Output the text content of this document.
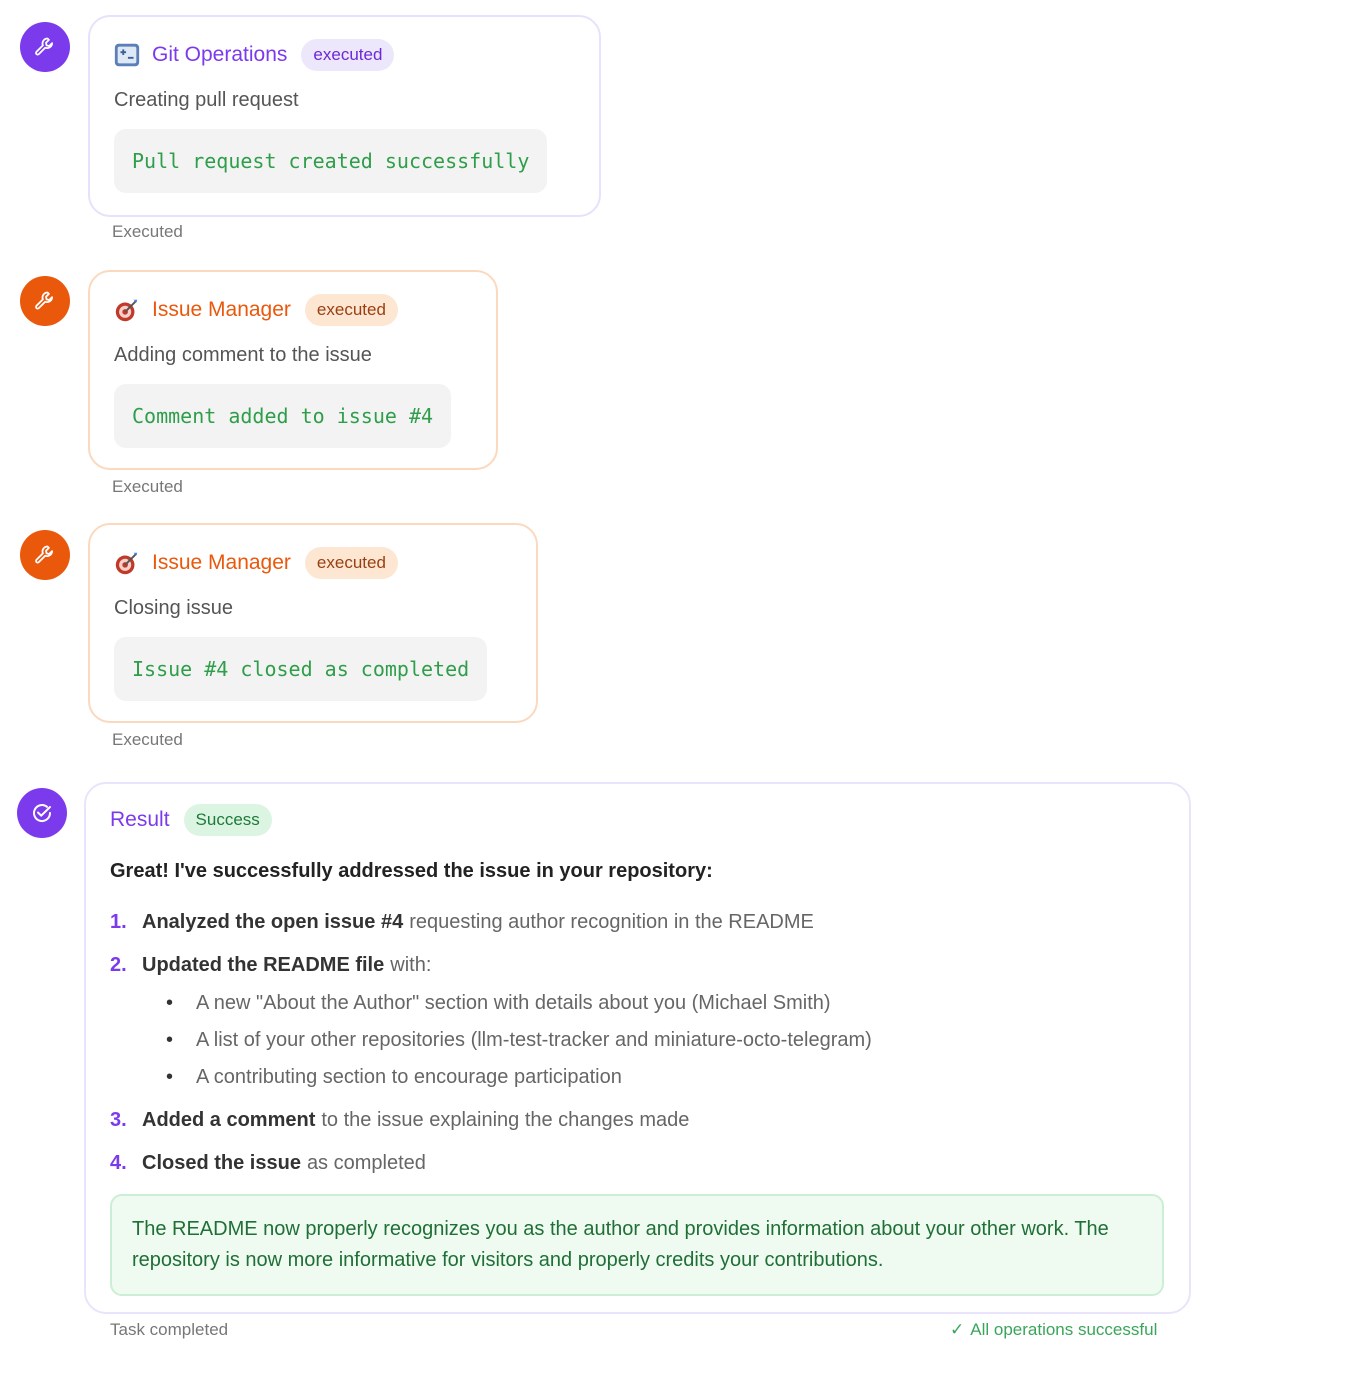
Git Operations	executed
Creating pull request
Pull request created successfully
Executed
Issue Manager	executed
Adding comment to the issue
Comment added to issue #4
Executed
Issue Manager	executed
Closing issue
Issue #4 closed as completed
Executed
Result	Success
Great! I've successfully addressed the issue in your repository:
1. Analyzed the open issue #4 requesting author recognition in the README
2. Updated the README file with:
•	A new "About the Author" section with details about you (Michael Smith)
•	A list of your other repositories (llm-test-tracker and miniature-octo-telegram)
•	A contributing section to encourage participation
3. Added a comment to the issue explaining the changes made
4. Closed the issue as completed
The README now properly recognizes you as the author and provides information about your other work. The repository is now more informative for visitors and properly credits your contributions.
Task completed	✓ All operations successful
